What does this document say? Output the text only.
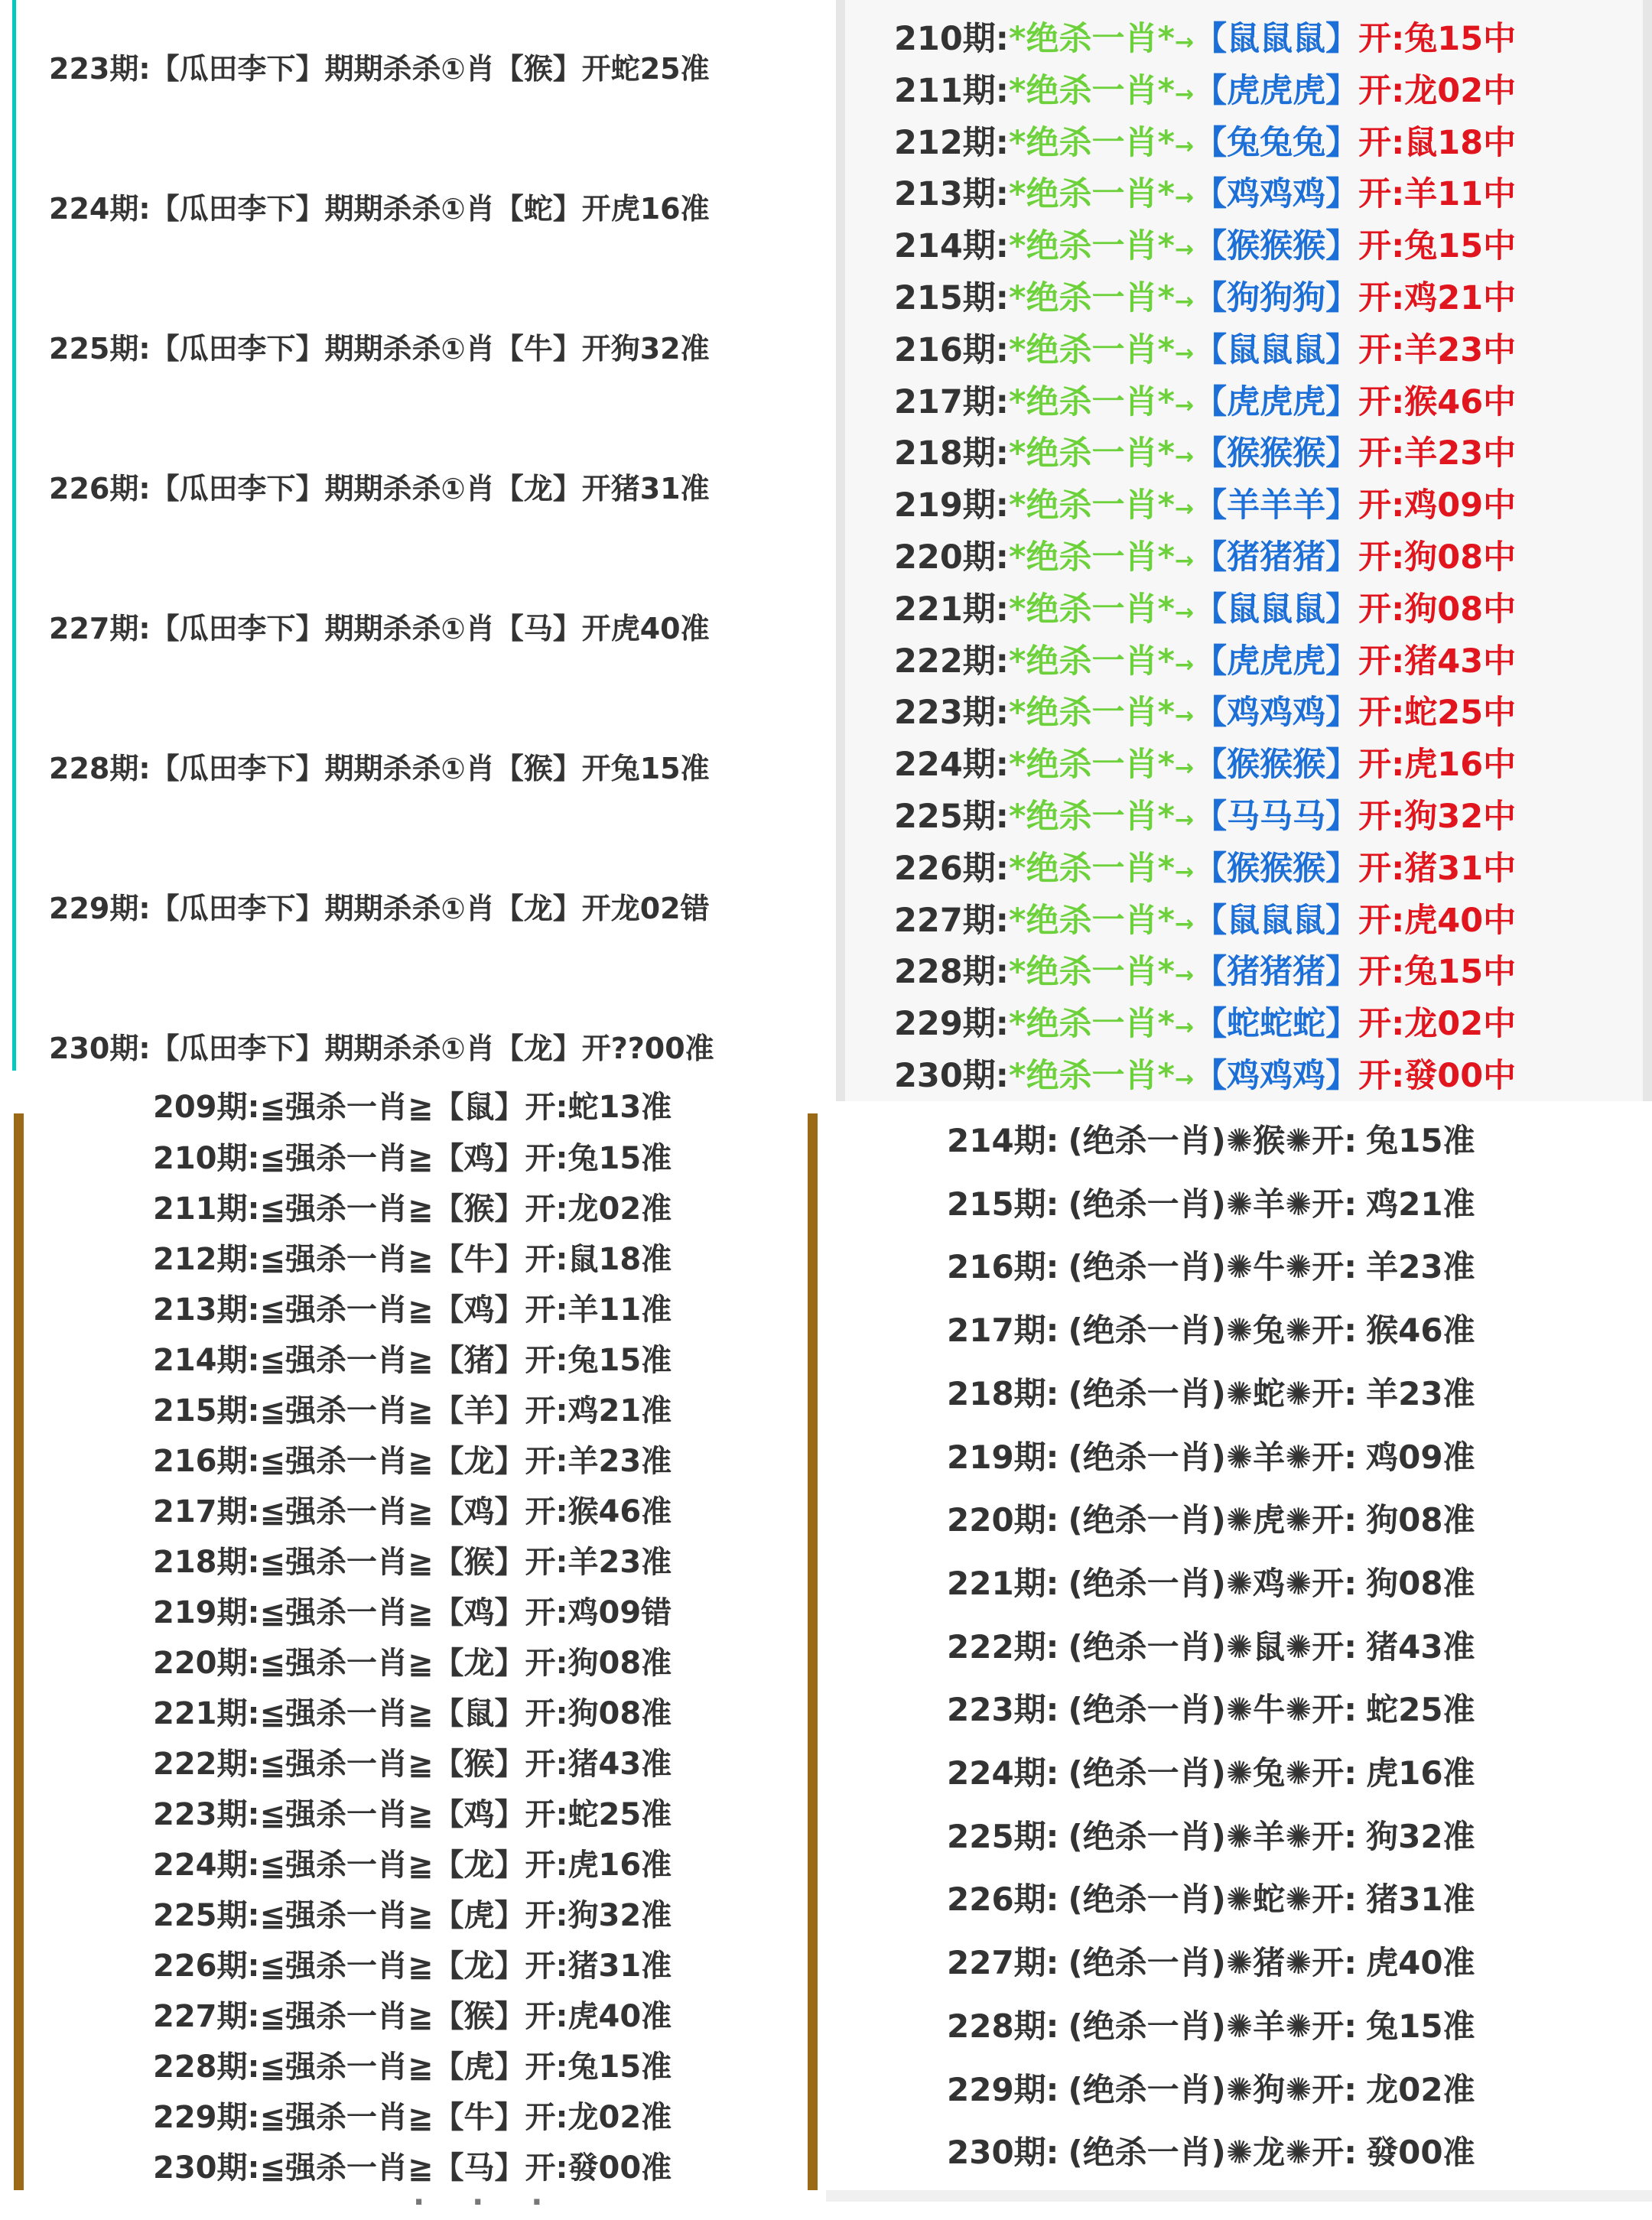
223期:【瓜田李下】期期杀杀①肖【猴】开蛇25准
224期:【瓜田李下】期期杀杀①肖【蛇】开虎16准
225期:【瓜田李下】期期杀杀①肖【牛】开狗32准
226期:【瓜田李下】期期杀杀①肖【龙】开猪31准
227期:【瓜田李下】期期杀杀①肖【马】开虎40准
228期:【瓜田李下】期期杀杀①肖【猴】开兔15准
229期:【瓜田李下】期期杀杀①肖【龙】开龙02错
230期:【瓜田李下】期期杀杀①肖【龙】开??00准
210期:*绝杀一肖*→【鼠鼠鼠】开:兔15中
211期:*绝杀一肖*→【虎虎虎】开:龙02中
212期:*绝杀一肖*→【兔兔兔】开:鼠18中
213期:*绝杀一肖*→【鸡鸡鸡】开:羊11中
214期:*绝杀一肖*→【猴猴猴】开:兔15中
215期:*绝杀一肖*→【狗狗狗】开:鸡21中
216期:*绝杀一肖*→【鼠鼠鼠】开:羊23中
217期:*绝杀一肖*→【虎虎虎】开:猴46中
218期:*绝杀一肖*→【猴猴猴】开:羊23中
219期:*绝杀一肖*→【羊羊羊】开:鸡09中
220期:*绝杀一肖*→【猪猪猪】开:狗08中
221期:*绝杀一肖*→【鼠鼠鼠】开:狗08中
222期:*绝杀一肖*→【虎虎虎】开:猪43中
223期:*绝杀一肖*→【鸡鸡鸡】开:蛇25中
224期:*绝杀一肖*→【猴猴猴】开:虎16中
225期:*绝杀一肖*→【马马马】开:狗32中
226期:*绝杀一肖*→【猴猴猴】开:猪31中
227期:*绝杀一肖*→【鼠鼠鼠】开:虎40中
228期:*绝杀一肖*→【猪猪猪】开:兔15中
229期:*绝杀一肖*→【蛇蛇蛇】开:龙02中
230期:*绝杀一肖*→【鸡鸡鸡】开:發00中
209期:≦强杀一肖≧【鼠】开:蛇13准
210期:≦强杀一肖≧【鸡】开:兔15准
211期:≦强杀一肖≧【猴】开:龙02准
212期:≦强杀一肖≧【牛】开:鼠18准
213期:≦强杀一肖≧【鸡】开:羊11准
214期:≦强杀一肖≧【猪】开:兔15准
215期:≦强杀一肖≧【羊】开:鸡21准
216期:≦强杀一肖≧【龙】开:羊23准
217期:≦强杀一肖≧【鸡】开:猴46准
218期:≦强杀一肖≧【猴】开:羊23准
219期:≦强杀一肖≧【鸡】开:鸡09错
220期:≦强杀一肖≧【龙】开:狗08准
221期:≦强杀一肖≧【鼠】开:狗08准
222期:≦强杀一肖≧【猴】开:猪43准
223期:≦强杀一肖≧【鸡】开:蛇25准
224期:≦强杀一肖≧【龙】开:虎16准
225期:≦强杀一肖≧【虎】开:狗32准
226期:≦强杀一肖≧【龙】开:猪31准
227期:≦强杀一肖≧【猴】开:虎40准
228期:≦强杀一肖≧【虎】开:兔15准
229期:≦强杀一肖≧【牛】开:龙02准
230期:≦强杀一肖≧【马】开:發00准
· · ·
214期: (绝杀一肖)✺猴✺开: 兔15准
215期: (绝杀一肖)✺羊✺开: 鸡21准
216期: (绝杀一肖)✺牛✺开: 羊23准
217期: (绝杀一肖)✺兔✺开: 猴46准
218期: (绝杀一肖)✺蛇✺开: 羊23准
219期: (绝杀一肖)✺羊✺开: 鸡09准
220期: (绝杀一肖)✺虎✺开: 狗08准
221期: (绝杀一肖)✺鸡✺开: 狗08准
222期: (绝杀一肖)✺鼠✺开: 猪43准
223期: (绝杀一肖)✺牛✺开: 蛇25准
224期: (绝杀一肖)✺兔✺开: 虎16准
225期: (绝杀一肖)✺羊✺开: 狗32准
226期: (绝杀一肖)✺蛇✺开: 猪31准
227期: (绝杀一肖)✺猪✺开: 虎40准
228期: (绝杀一肖)✺羊✺开: 兔15准
229期: (绝杀一肖)✺狗✺开: 龙02准
230期: (绝杀一肖)✺龙✺开: 發00准
